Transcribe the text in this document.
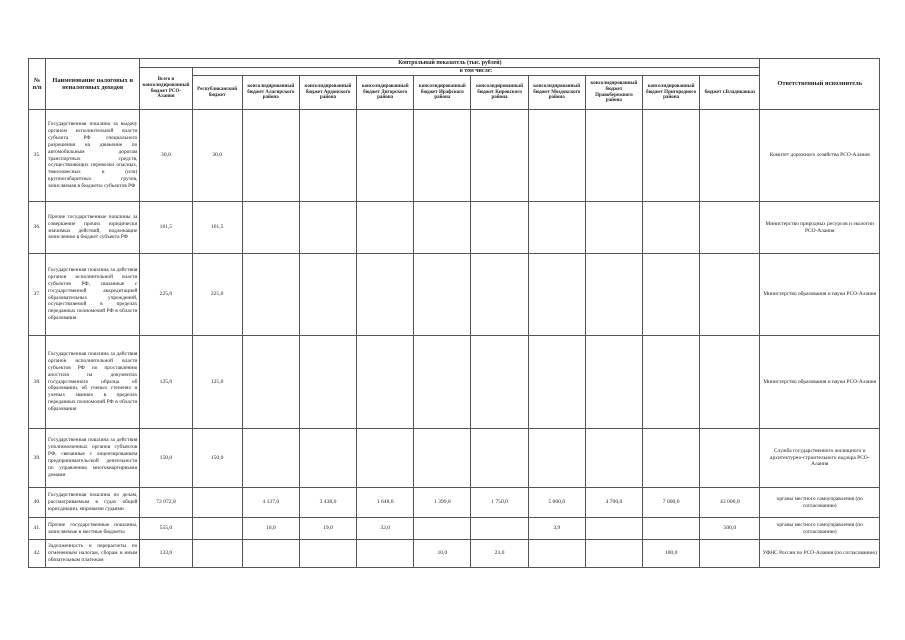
№ п/п	Наименование налоговых и неналоговых доходов	Контрольный показатель (тыс. рублей)											Ответственный исполнитель
		Всего в консолидированный бюджет РСО-Алания	в том числе:										
			Республиканский бюджет	консолидированный бюджет Алагирского района	консолидированный бюджет Ардонского района	консолидированный бюджет Дигорского района	консолидированный бюджет Ирафского района	консолидированный бюджет Кировского района	консолидированный бюджет Моздокского района	консолидированный бюджет Правобережного района	консолидированный бюджет Пригородного района	бюджет г.Владикавказ	
35.	Государственная пошлина за выдачу органом исполнительной власти субъекта РФ специального разрешения на движение по автомобильным дорогам транспортных средств, осуществляющих перевозки опасных, тяжеловесных и (или) крупногабаритных грузов, зачисляемая в бюджеты субъектов РФ	30,0	30,0										Комитет дорожного хозяйства РСО-Алания
36.	Прочие государственные пошлины за совершение прочих юридически значимых действий, подлежащие зачислению в бюджет субъекта РФ	161,5	161,5										Министерство природных ресурсов и экологии РСО-Алания
37.	Государственная пошлина за действия органов исполнительной власти субъектов РФ, связанные с государственной аккредитацией образовательных учреждений, осуществляемой в пределах переданных полномочий РФ в области образования	225,0	225,0										Министерство образования и науки РСО-Алания
38.	Государственная пошлина за действия органов исполнительной власти субъектов РФ по проставлению апостиля на документах государственного образца об образовании, об ученых степенях и ученых званиях в пределах переданных полномочий РФ в области образования	125,0	125,0										Министерство образования и науки РСО-Алания
39.	Государственная пошлина за действия уполномоченных органов субъектов РФ, связанные с лицензированием предпринимательской деятельности по управлению многоквартирными домами	150,0	150,0										Служба государственного жилищного и архитектурно-строительного надзора РСО-Алания
40.	Государственная пошлина по делам, рассматриваемым в судах общей юрисдикции, мировыми судьями	72 072,8		4 137,0	3 438,0	1 648,0	1 399,8	1 750,0	5 000,0	4 700,0	7 000,0	43 000,0	органы местного самоуправления (по согласованию)
41.	Прочие государственные пошлины, зачисляемые в местные бюджеты	555,0		10,0	19,0	32,0			3,9			500,0	органы местного самоуправления (по согласованию)
42.	Задолженность и перерасчеты по отмененным налогам, сборам и иным обязательным платежам	133,0					10,0	23,0			100,0		УФНС России по РСО-Алания (по согласованию)
